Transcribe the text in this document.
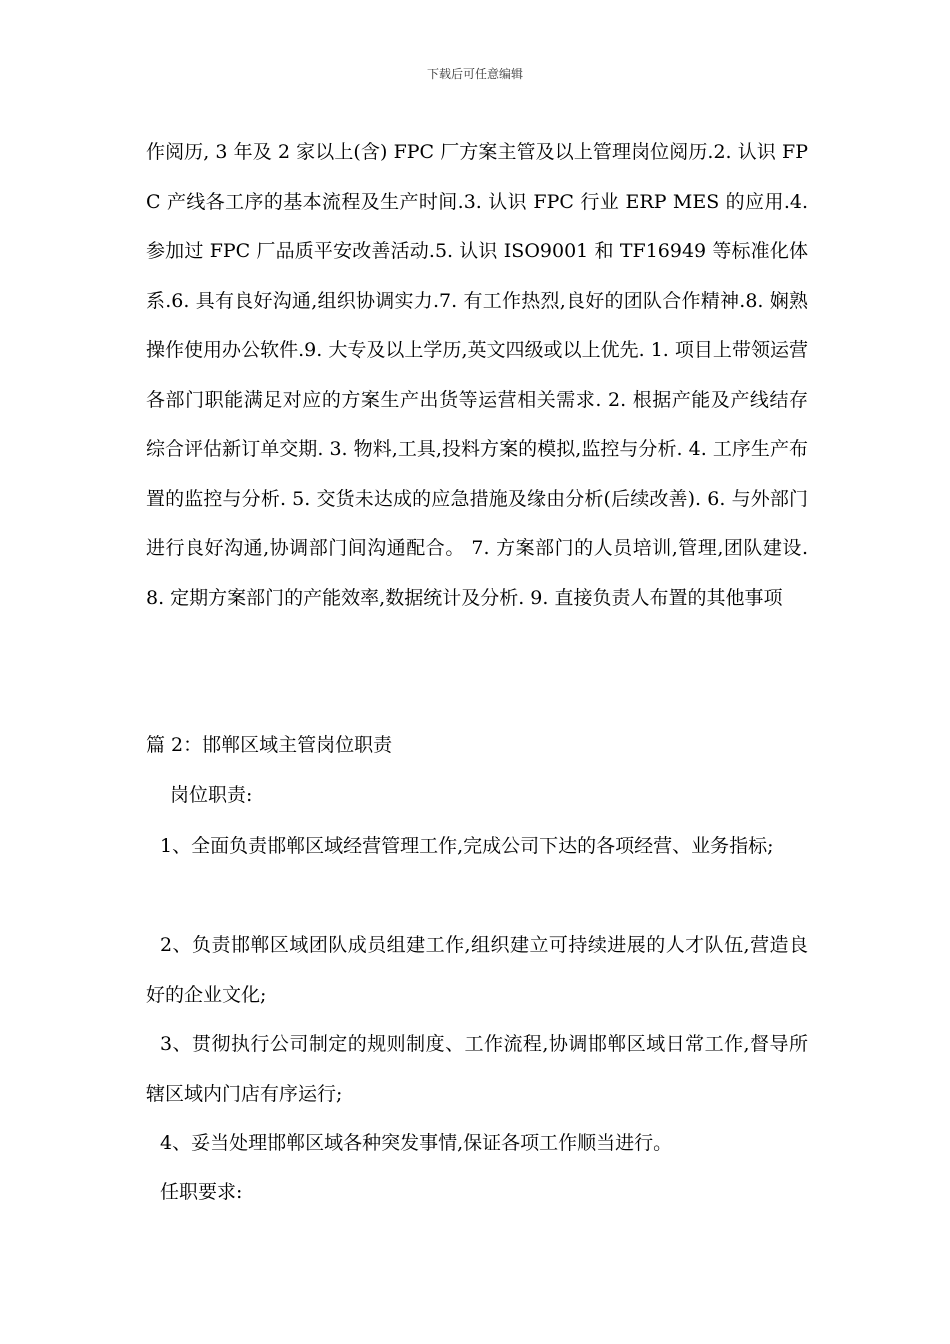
下载后可任意编辑

作阅历, 3 年及 2 家以上(含) FPC 厂方案主管及以上管理岗位阅历.2. 认识 FPC 产线各工序的基本流程及生产时间.3. 认识 FPC 行业 ERP MES 的应用.4. 参加过 FPC 厂品质平安改善活动.5. 认识 ISO9001 和 TF16949 等标准化体系.6. 具有良好沟通,组织协调实力.7. 有工作热烈,良好的团队合作精神.8. 娴熟操作使用办公软件.9. 大专及以上学历,英文四级或以上优先. 1. 项目上带领运营各部门职能满足对应的方案生产出货等运营相关需求. 2. 根据产能及产线结存综合评估新订单交期. 3. 物料,工具,投料方案的模拟,监控与分析. 4. 工序生产布置的监控与分析. 5. 交货未达成的应急措施及缘由分析(后续改善). 6. 与外部门进行良好沟通,协调部门间沟通配合。 7. 方案部门的人员培训,管理,团队建设. 8. 定期方案部门的产能效率,数据统计及分析. 9. 直接负责人布置的其他事项

篇 2：邯郸区域主管岗位职责

岗位职责:

1、全面负责邯郸区域经营管理工作,完成公司下达的各项经营、业务指标;

2、负责邯郸区域团队成员组建工作,组织建立可持续进展的人才队伍,营造良好的企业文化;

3、贯彻执行公司制定的规则制度、工作流程,协调邯郸区域日常工作,督导所辖区域内门店有序运行;

4、妥当处理邯郸区域各种突发事情,保证各项工作顺当进行。

任职要求:
